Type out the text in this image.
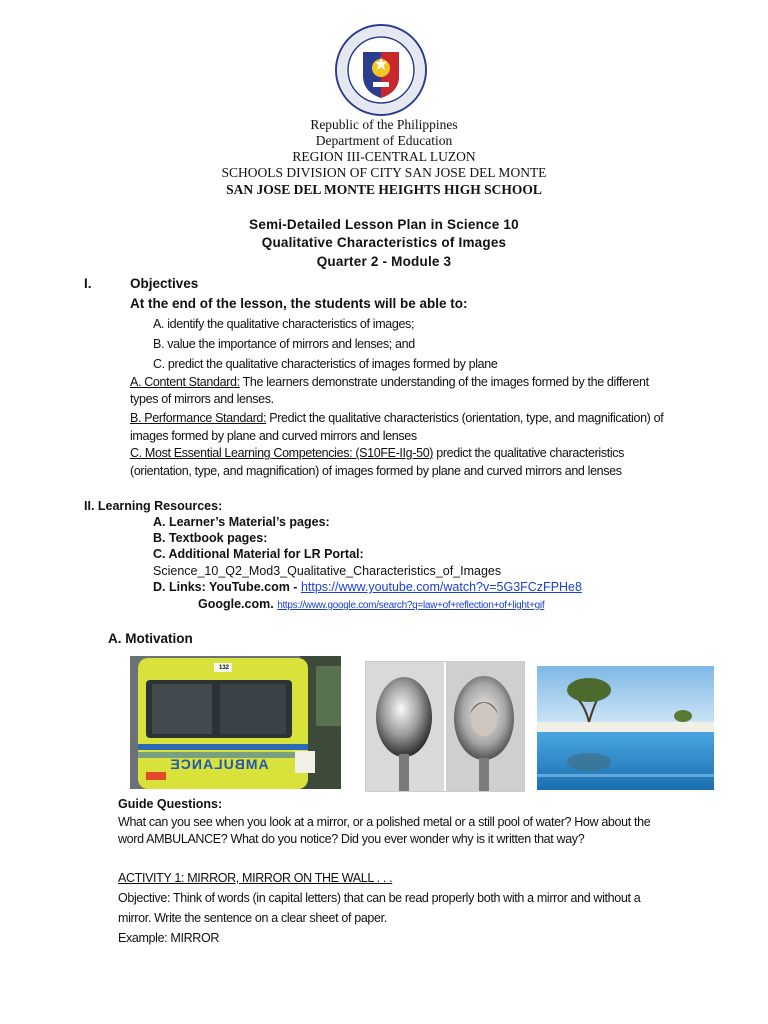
Republic of the Philippines
Department of Education
REGION III-CENTRAL LUZON
SCHOOLS DIVISION OF CITY SAN JOSE DEL MONTE
SAN JOSE DEL MONTE HEIGHTS HIGH SCHOOL
Semi-Detailed Lesson Plan in Science 10
Qualitative Characteristics of Images
Quarter 2 - Module 3
I.	Objectives
At the end of the lesson, the students will be able to:
A. identify the qualitative characteristics of images;
B. value the importance of mirrors and lenses; and
C. predict the qualitative characteristics of images formed by plane
A. Content Standard: The learners demonstrate understanding of the images formed by the different
types of mirrors and lenses.
B. Performance Standard: Predict the qualitative characteristics (orientation, type, and magnification) of
images formed by plane and curved mirrors and lenses
C. Most Essential Learning Competencies: (S10FE-IIg-50) predict the qualitative characteristics
(orientation, type, and magnification) of images formed by plane and curved mirrors and lenses
II. Learning Resources:
A. Learner’s Material’s pages:
B. Textbook pages:
C. Additional Material for LR Portal:
Science_10_Q2_Mod3_Qualitative_Characteristics_of_Images
D. Links: YouTube.com - https://www.youtube.com/watch?v=5G3FCzFPHe8
Google.com. https://www.google.com/search?q=law+of+reflection+of+light+gif
A. Motivation
132
AMBULANCE
Guide Questions:
What can you see when you look at a mirror, or a polished metal or a still pool of water? How about the
word AMBULANCE? What do you notice? Did you ever wonder why is it written that way?
ACTIVITY 1: MIRROR, MIRROR ON THE WALL . . .
Objective: Think of words (in capital letters) that can be read properly both with a mirror and without a
mirror. Write the sentence on a clear sheet of paper.
Example: MIRROR
